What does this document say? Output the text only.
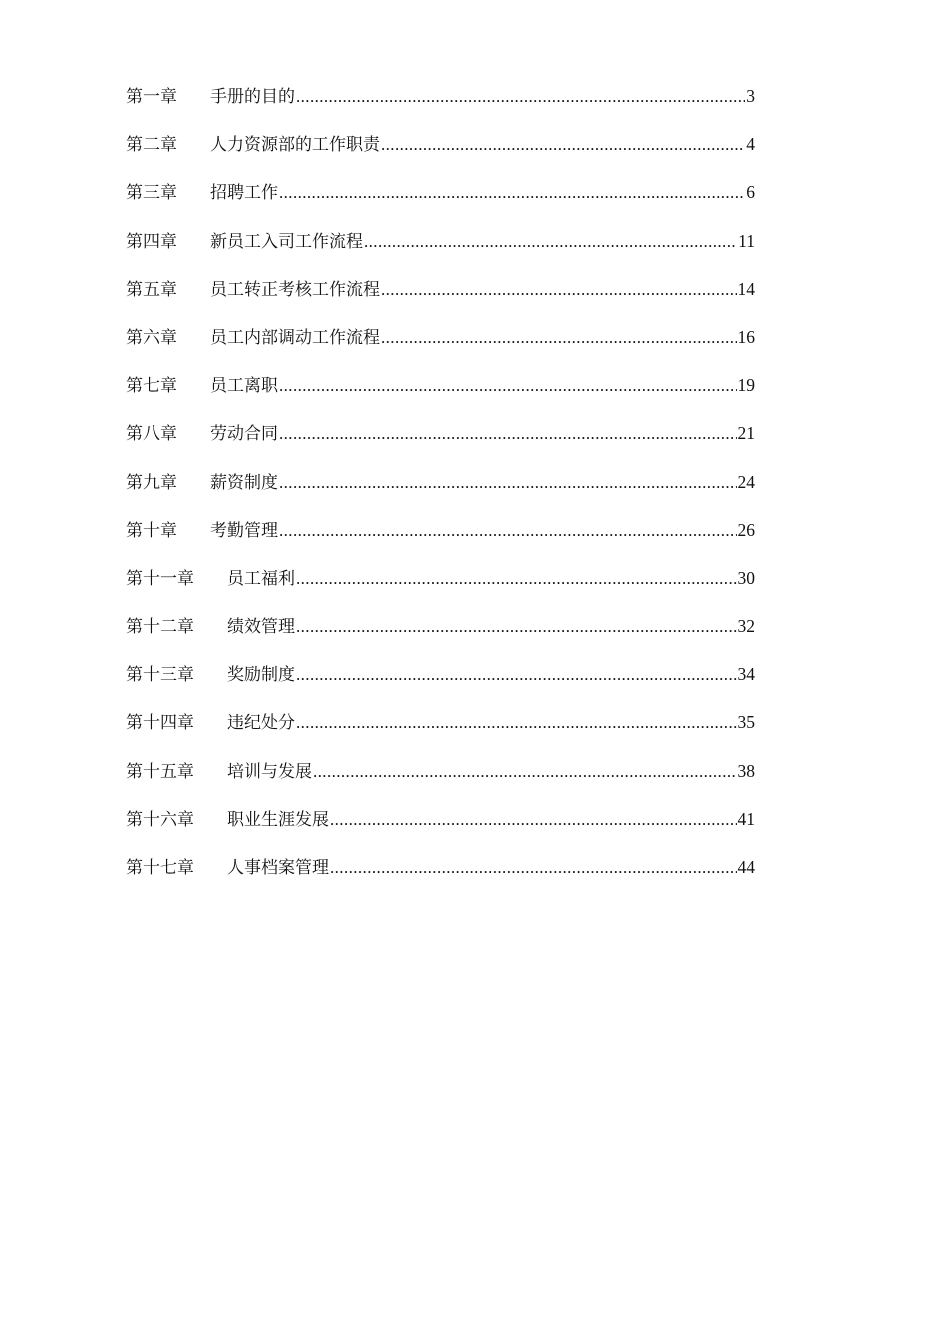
第一章	手册的目的 .....	3
第二章	人力资源部的工作职责 .....	4
第三章	招聘工作 .....	6
第四章	新员工入司工作流程 .....	11
第五章	员工转正考核工作流程 .....	14
第六章	员工内部调动工作流程 .....	16
第七章	员工离职 .....	19
第八章	劳动合同 .....	21
第九章	薪资制度 .....	24
第十章	考勤管理 .....	26
第十一章	员工福利 .....	30
第十二章	绩效管理 .....	32
第十三章	奖励制度 .....	34
第十四章	违纪处分 .....	35
第十五章	培训与发展 .....	38
第十六章	职业生涯发展 .....	41
第十七章	人事档案管理 .....	44
